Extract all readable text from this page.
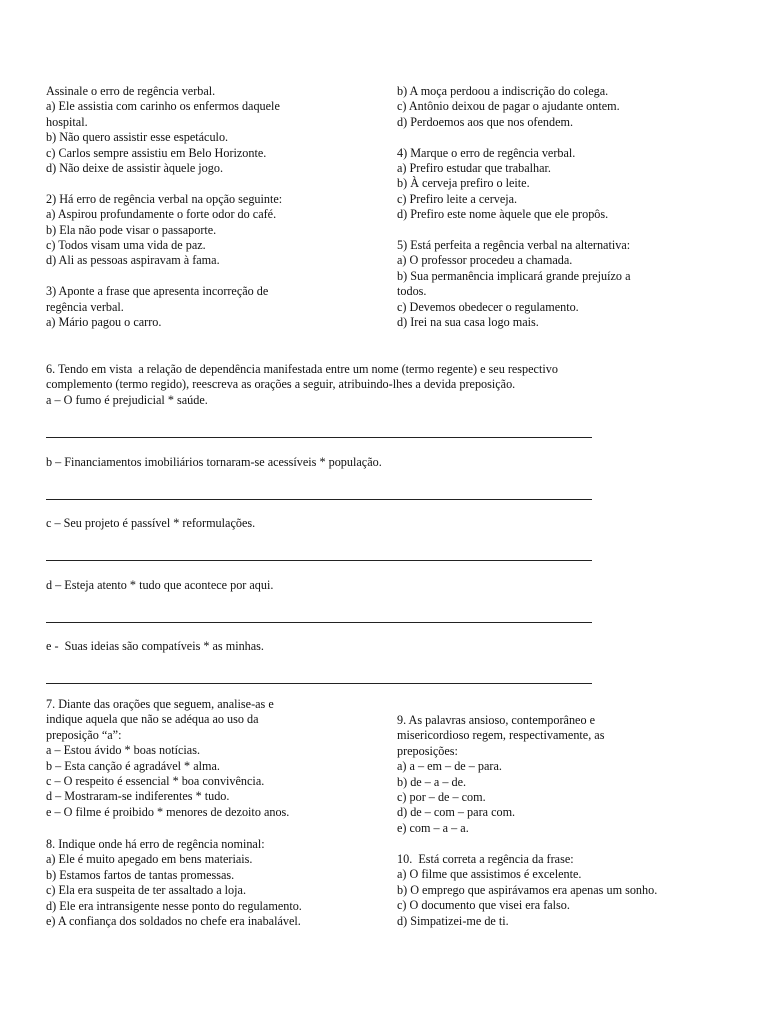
Assinale o erro de regência verbal.
a) Ele assistia com carinho os enfermos daquele
hospital.
b) Não quero assistir esse espetáculo.
c) Carlos sempre assistiu em Belo Horizonte.
d) Não deixe de assistir àquele jogo.
2) Há erro de regência verbal na opção seguinte:
a) Aspirou profundamente o forte odor do café.
b) Ela não pode visar o passaporte.
c) Todos visam uma vida de paz.
d) Ali as pessoas aspiravam à fama.
3) Aponte a frase que apresenta incorreção de
regência verbal.
a) Mário pagou o carro.
b) A moça perdoou a indiscrição do colega.
c) Antônio deixou de pagar o ajudante ontem.
d) Perdoemos aos que nos ofendem.
4) Marque o erro de regência verbal.
a) Prefiro estudar que trabalhar.
b) À cerveja prefiro o leite.
c) Prefiro leite a cerveja.
d) Prefiro este nome àquele que ele propôs.
5) Está perfeita a regência verbal na alternativa:
a) O professor procedeu a chamada.
b) Sua permanência implicará grande prejuízo a
todos.
c) Devemos obedecer o regulamento.
d) Irei na sua casa logo mais.
6. Tendo em vista  a relação de dependência manifestada entre um nome (termo regente) e seu respectivo
complemento (termo regido), reescreva as orações a seguir, atribuindo-lhes a devida preposição.
a – O fumo é prejudicial * saúde.
b – Financiamentos imobiliários tornaram-se acessíveis * população.
c – Seu projeto é passível * reformulações.
d – Esteja atento * tudo que acontece por aqui.
e -  Suas ideias são compatíveis * as minhas.
7. Diante das orações que seguem, analise-as e
indique aquela que não se adéqua ao uso da
preposição “a”:
a – Estou ávido * boas notícias.
b – Esta canção é agradável * alma.
c – O respeito é essencial * boa convivência.
d – Mostraram-se indiferentes * tudo.
e – O filme é proibido * menores de dezoito anos.
8. Indique onde há erro de regência nominal:
a) Ele é muito apegado em bens materiais.
b) Estamos fartos de tantas promessas.
c) Ela era suspeita de ter assaltado a loja.
d) Ele era intransigente nesse ponto do regulamento.
e) A confiança dos soldados no chefe era inabalável.
9. As palavras ansioso, contemporâneo e
misericordioso regem, respectivamente, as
preposições:
a) a – em – de – para.
b) de – a – de.
c) por – de – com.
d) de – com – para com.
e) com – a – a.
10.  Está correta a regência da frase:
a) O filme que assistimos é excelente.
b) O emprego que aspirávamos era apenas um sonho.
c) O documento que visei era falso.
d) Simpatizei-me de ti.
